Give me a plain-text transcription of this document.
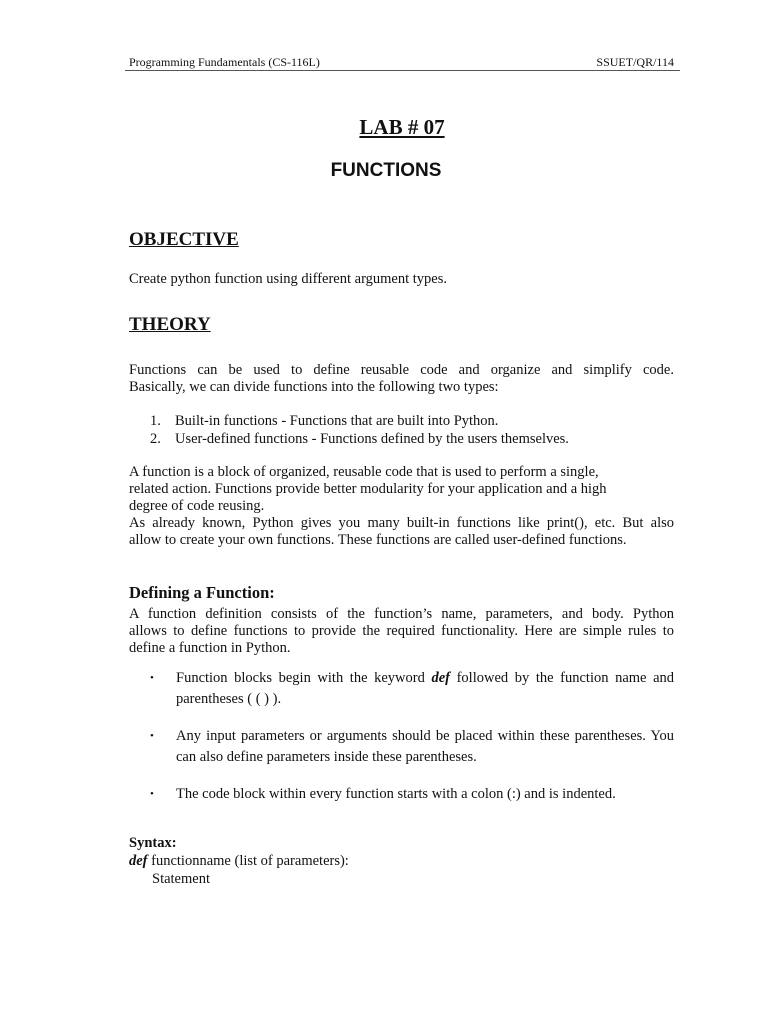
Programming Fundamentals (CS-116L)	SSUET/QR/114
LAB # 07
FUNCTIONS
OBJECTIVE
Create python function using different argument types.
THEORY
Functions can be used to define reusable code and organize and simplify code.
Basically, we can divide functions into the following two types:
1. Built-in functions - Functions that are built into Python.
2. User-defined functions - Functions defined by the users themselves.
A function is a block of organized, reusable code that is used to perform a single,
related action. Functions provide better modularity for your application and a high
degree of code reusing.
As already known, Python gives you many built-in functions like print(), etc. But also
allow to create your own functions. These functions are called user-defined functions.
Defining a Function:
A function definition consists of the function’s name, parameters, and body. Python
allows to define functions to provide the required functionality. Here are simple rules to
define a function in Python.
•	Function blocks begin with the keyword def followed by the function name and parentheses ( ( ) ).
•	Any input parameters or arguments should be placed within these parentheses. You can also define parameters inside these parentheses.
•	The code block within every function starts with a colon (:) and is indented.
Syntax:
def functionname (list of parameters):
Statement
